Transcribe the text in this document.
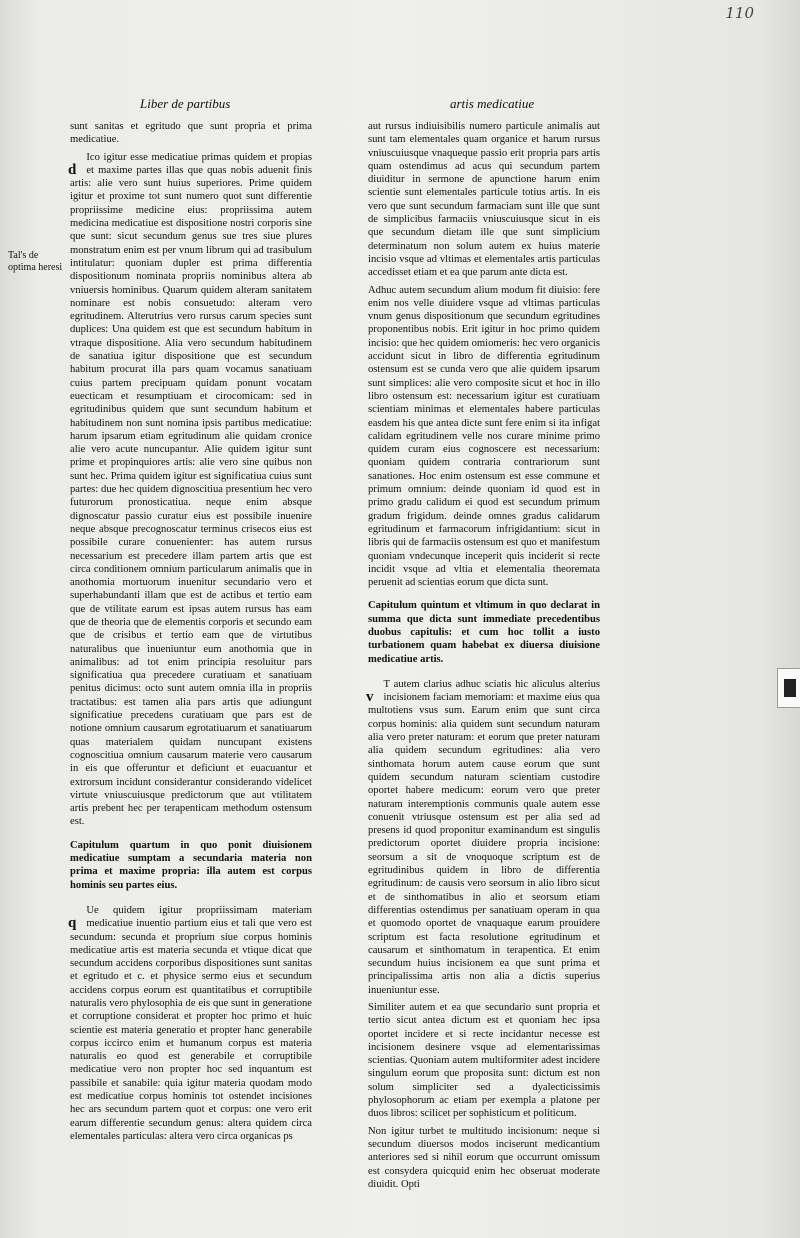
110
Liber de partibus	artis medicatiue
Tal's de optima heresi

sunt sanitas et egritudo que sunt propria et prima medicatiue.

d
Ico igitur esse medicatiue primas quidem et propias et maxime partes illas que quas nobis aduenit finis artis: alie vero sunt huius superiores. Prime quidem igitur et proxime tot sunt numero quot sunt differentie propriissime medicine eius: propriissima autem medicina medicatiue est dispositione nostri corporis sine que sunt: sicut secundum genus sue tres siue plures monstratum enim est per vnum librum qui ad trasibulum intitulatur: quoniam dupler est prima differentia dispositionum nominata propriis nominibus altera ab vniuersis hominibus. Quarum quidem alteram sanitatem nominare est nobis consuetudo: alteram vero egritudinem. Alterutrius vero rursus carum species sunt duplices: Una quidem est que est secundum habitum in vtraque dispositione. Alia vero secundum habitudinem de sanatiua igitur dispositione que est secundum habitum procurat illa pars quam vocamus sanatiuam cuius partem precipuam quidam ponunt vocatam euecticam et resumptiuam et cirocomicam: sed in egritudinibus quidem que sunt secundum habitum et habitudinem non sunt nomina ipsis partibus medicatiue: harum ipsarum etiam egritudinum alie quidam cronice alie vero acute nuncupantur. Alie quidem igitur sunt prime et propinquiores artis: alie vero sine quibus non sunt hec. Prima quidem igitur est significatiua cuius sunt partes: due hec quidem dignoscitiua presentium hec vero futurorum pronosticatiua. neque enim absque dignoscatur passio curatur eius est possibile inuenire neque absque precognoscatur terminus crisecos eius est possibile curare conuenienter: has autem rursus necessarium est precedere illam partem artis que est circa conditionem omnium particularum animalis que in anothomia mortuorum inuenitur secundario vero et superhabundanti illam que est de actibus et tertio eam que de vtilitate earum est ipsas autem rursus has eam que de theoria que de elementis corporis et secundo eam que de crisibus et tertio eam que de virtutibus naturalibus que inueniuntur eum anothomia que in animalibus: ad tot enim principia resoluitur pars significatiua qua precedere curatiuam et sanatiuam penitus dicimus: octo sunt autem omnia illa in propriis tractatibus: est tamen alia pars artis que adiungunt significatiue precedens curatiuam que pars est de notione omnium causarum egrotatiuarum et sanatiuarum quas materialem quidam nuncupant existens cognoscitiua omnium causarum materie vero causarum in eis que offeruntur et deficiunt et euacuantur et extrorsum incidunt considerantur considerando videlicet virtute vniuscuiusque predictorum que aut vtilitatem artis prebent hec per terapenticam methodum ostensum est.

Capitulum quartum in quo ponit diuisionem medicatiue sumptam a secundaria materia non prima et maxime propria: illa autem est corpus hominis seu partes eius.

q
Ue quidem igitur propriissimam materiam medicatiue inuentio partium eius et tali que vero est secundum: secunda et proprium siue corpus hominis medicatiue artis est materia secunda et vtique dicat que secundum accidens corporibus dispositiones sunt sanitas et egritudo et c. et physice sermo eius et secundum accidens corpus eorum est quantitatibus et corruptibile naturalis vero phylosophia de eis que sunt in generatione et corruptione considerat et propter hoc primo et huic scientie est materia generatio et propter hanc generabile corpus iccirco enim et humanum corpus est materia naturalis eo quod est generabile et corruptibile medicatiue vero non propter hoc sed inquantum est passibile et sanabile: quia igitur materia quodam modo est medicatiue corpus hominis tot ostendet incisiones hec ars secundum partem quot et corpus: one vero erit earum differentie secundum genus: altera quidem circa elementales particulas: altera vero circa organicas ps

aut rursus indiuisibilis numero particule animalis aut sunt tam elementales quam organice et harum rursus vniuscuiusque vnaqueque passio erit propria pars artis quam ostendimus ad acus qui secundum partem diuiditur in sermone de apunctione harum enim scientie sunt elementales particule totius artis. In eis vero que sunt secundum farmaciam sunt ille que sunt de simplicibus farmaciis vniuscuiusque sicut in eis que secundum dietam ille que sunt simplicium determinatum non solum autem ex huius materie incisio vsque ad vltimas et elementales artis particulas accedisset etiam et ea que parum ante dicta est.

Adhuc autem secundum alium modum fit diuisio: fere enim nos velle diuidere vsque ad vltimas particulas vnum genus dispositionum que secundum egritudines proponentibus nobis. Erit igitur in hoc primo quidem incisio: que hec quidem omiomeris: hec vero organicis accidunt sicut in libro de differentia egritudinum ostensum est se cunda vero que alie quidem ipsarum sunt simplices: alie vero composite sicut et hoc in illo libro ostensum est: necessarium igitur est curatiuam scientiam minimas et elementales habere particulas easdem his que antea dicte sunt fere enim si ita infigat calidam egritudinem velle nos curare minime primo quidem curam eius cognoscere est necessarium: quoniam quidem contraria contrariorum sunt sanationes. Hoc enim ostensum est esse commune et primum omnium: deinde quoniam id quod est in primo gradu calidum ei quod est secundum primum gradum frigidum. deinde omnes gradus calidarum egritudinum et farmacorum infrigidantium: sicut in libris qui de farmaciis ostensum est quo et manifestum quoniam vndecunque inceperit quis inciderit si recte incidit vsque ad vltia et elementalia theoremata peruenit ad scientias eorum que dicta sunt.

Capitulum quintum et vltimum in quo declarat in summa que dicta sunt immediate precedentibus duobus capitulis: et cum hoc tollit a iusto turbationem quam habebat ex diuersa diuisione medicatiue artis.

v
T autem clarius adhuc sciatis hic aliculus alterius incisionem faciam memoriam: et maxime eius qua multotiens vsus sum. Earum enim que sunt circa corpus hominis: alia quidem sunt secundum naturam alia vero preter naturam: et eorum que preter naturam alia quidem secundum egritudines: alia vero sinthomata horum autem cause eorum que sunt quidem secundum naturam scientiam custodire oportet habere medicum: eorum vero que preter naturam interemptionis communis quale autem esse conuenit vtriusque ostensum est per alia sed ad presens id quod proponitur examinandum est singulis predictorum oportet diuidere propria incisione: seorsum a sit de vnoquoque scriptum est de egritudinibus quidem in libro de differentia egritudinum: de causis vero seorsum in alio libro sicut et de sinthomatibus in alio et seorsum etiam differentias ostendimus per sanatiuam operam in qua et quomodo oportet de vnaquaque earum prouidere scriptum est facta resolutione egritudinum et causarum et sinthomatum in terapentica. Et enim secundum huius incisionem ea que sunt prima et principalissima artis non alia a dictis superius inueniuntur esse.

Similiter autem et ea que secundario sunt propria et tertio sicut antea dictum est et quoniam hec ipsa oportet incidere et si recte incidantur necesse est incisionem desinere vsque ad elementarissimas scientias. Quoniam autem multiformiter adest incidere singulum eorum que proposita sunt: dictum est non solum simpliciter sed a dyalecticissimis phylosophorum ac etiam per exempla a platone per duos libros: scilicet per sophisticum et politicum.

Non igitur turbet te multitudo incisionum: neque si secundum diuersos modos inciserunt medicantium anteriores sed si nihil eorum que occurrunt omissum est consydera quicquid enim hec obseruat moderate diuidit. Opti
